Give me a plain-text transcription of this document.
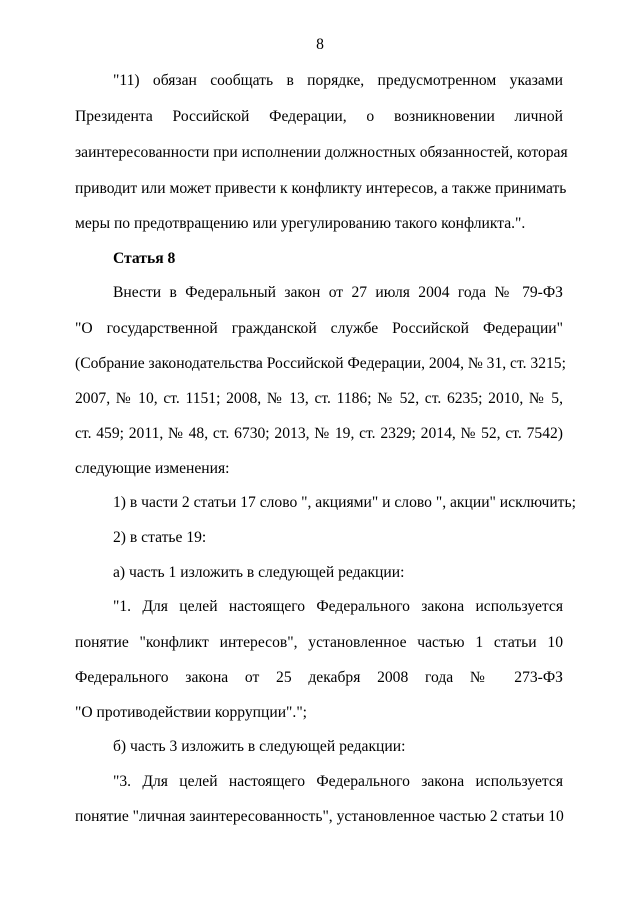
8
"11) обязан сообщать в порядке, предусмотренном указами
Президента Российской Федерации, о возникновении личной
заинтересованности при исполнении должностных обязанностей, которая
приводит или может привести к конфликту интересов, а также принимать
меры по предотвращению или урегулированию такого конфликта.".
Статья 8
Внести в Федеральный закон от 27 июля 2004 года № 79-ФЗ
"О государственной гражданской службе Российской Федерации"
(Собрание законодательства Российской Федерации, 2004, № 31, ст. 3215;
2007, № 10, ст. 1151; 2008, № 13, ст. 1186; № 52, ст. 6235; 2010, № 5,
ст. 459; 2011, № 48, ст. 6730; 2013, № 19, ст. 2329; 2014, № 52, ст. 7542)
следующие изменения:
1) в части 2 статьи 17 слово ", акциями" и слово ", акции" исключить;
2) в статье 19:
а) часть 1 изложить в следующей редакции:
"1. Для целей настоящего Федерального закона используется
понятие "конфликт интересов", установленное частью 1 статьи 10
Федерального закона от 25 декабря 2008 года № 273-ФЗ
"О противодействии коррупции".";
б) часть 3 изложить в следующей редакции:
"3. Для целей настоящего Федерального закона используется
понятие "личная заинтересованность", установленное частью 2 статьи 10
